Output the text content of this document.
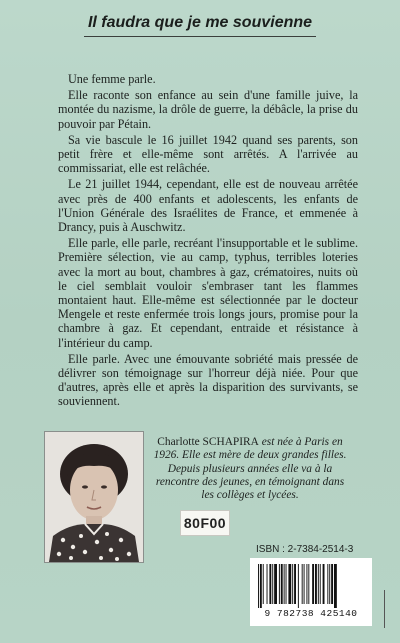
Il faudra que je me souvienne

Une femme parle.

Elle raconte son enfance au sein d'une famille juive, la montée du nazisme, la drôle de guerre, la débâcle, la prise du pouvoir par Pétain.

Sa vie bascule le 16 juillet 1942 quand ses parents, son petit frère et elle-même sont arrêtés. A l'arrivée au commissariat, elle est relâchée.

Le 21 juillet 1944, cependant, elle est de nouveau arrêtée avec près de 400 enfants et adolescents, les enfants de l'Union Générale des Israélites de France, et emmenée à Drancy, puis à Auschwitz.

Elle parle, elle parle, recréant l'insupportable et le sublime. Première sélection, vie au camp, typhus, terribles loteries avec la mort au bout, chambres à gaz, crématoires, nuits où le ciel semblait vouloir s'embraser tant les flammes montaient haut. Elle-même est sélectionnée par le docteur Mengele et reste enfermée trois longs jours, promise pour la chambre à gaz. Et cependant, entraide et résistance à l'intérieur du camp.

Elle parle. Avec une émouvante sobriété mais pressée de délivrer son témoignage sur l'horreur déjà niée. Pour que d'autres, après elle et après la disparition des survivants, se souviennent.

Charlotte SCHAPIRA est née à Paris en 1926. Elle est mère de deux grandes filles. Depuis plusieurs années elle va à la rencontre des jeunes, en témoignant dans les collèges et lycées.
80F00
ISBN : 2-7384-2514-3
9 782738 425140
